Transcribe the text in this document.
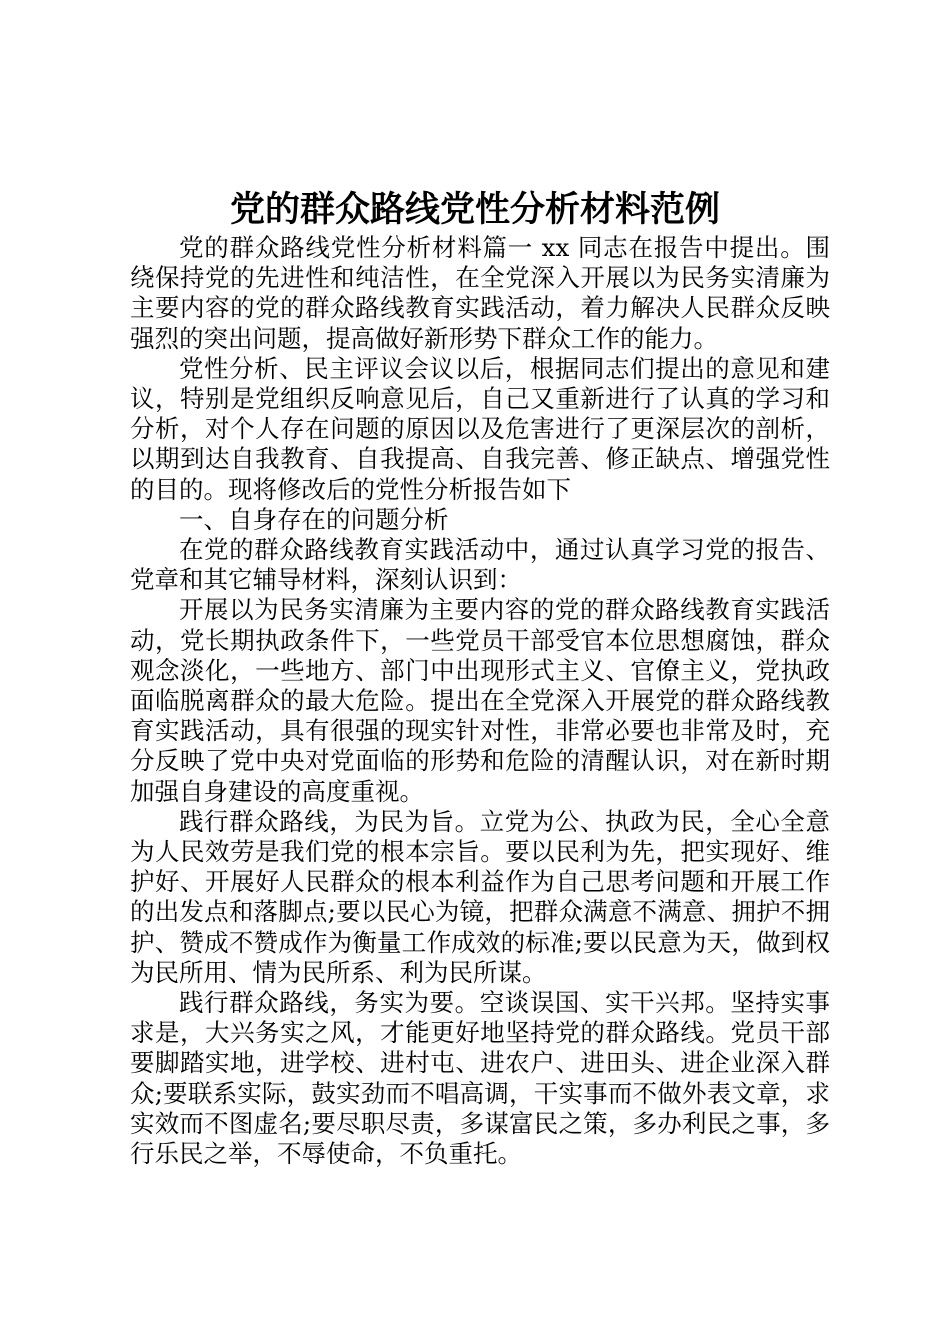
党的群众路线党性分析材料范例

党的群众路线党性分析材料篇一 xx 同志在报告中提出。围绕保持党的先进性和纯洁性，在全党深入开展以为民务实清廉为主要内容的党的群众路线教育实践活动，着力解决人民群众反映强烈的突出问题，提高做好新形势下群众工作的能力。

党性分析、民主评议会议以后，根据同志们提出的意见和建议，特别是党组织反响意见后，自己又重新进行了认真的学习和分析，对个人存在问题的原因以及危害进行了更深层次的剖析，以期到达自我教育、自我提高、自我完善、修正缺点、增强党性的目的。现将修改后的党性分析报告如下

一、自身存在的问题分析

在党的群众路线教育实践活动中，通过认真学习党的报告、党章和其它辅导材料，深刻认识到：

开展以为民务实清廉为主要内容的党的群众路线教育实践活动，党长期执政条件下，一些党员干部受官本位思想腐蚀，群众观念淡化，一些地方、部门中出现形式主义、官僚主义，党执政面临脱离群众的最大危险。提出在全党深入开展党的群众路线教育实践活动，具有很强的现实针对性，非常必要也非常及时，充分反映了党中央对党面临的形势和危险的清醒认识，对在新时期加强自身建设的高度重视。

践行群众路线，为民为旨。立党为公、执政为民，全心全意为人民效劳是我们党的根本宗旨。要以民利为先，把实现好、维护好、开展好人民群众的根本利益作为自己思考问题和开展工作的出发点和落脚点;要以民心为镜，把群众满意不满意、拥护不拥护、赞成不赞成作为衡量工作成效的标准;要以民意为天，做到权为民所用、情为民所系、利为民所谋。

践行群众路线，务实为要。空谈误国、实干兴邦。坚持实事求是，大兴务实之风，才能更好地坚持党的群众路线。党员干部要脚踏实地，进学校、进村屯、进农户、进田头、进企业深入群众;要联系实际，鼓实劲而不唱高调，干实事而不做外表文章，求实效而不图虚名;要尽职尽责，多谋富民之策，多办利民之事，多行乐民之举，不辱使命，不负重托。
